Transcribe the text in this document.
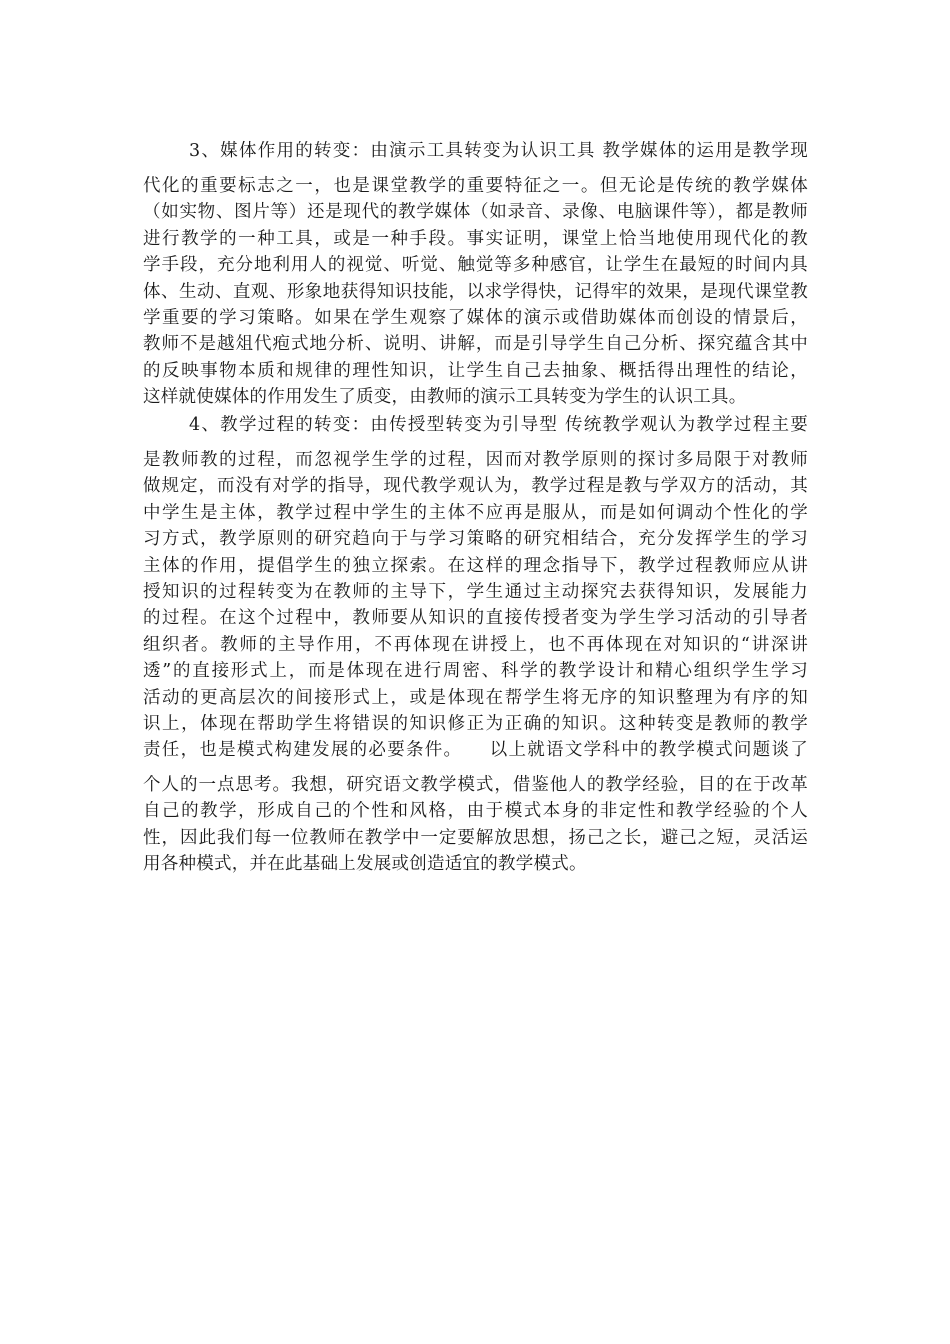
3、媒体作用的转变：由演示工具转变为认识工具 教学媒体的运用是教学现
代化的重要标志之一，也是课堂教学的重要特征之一。但无论是传统的教学媒体
（如实物、图片等）还是现代的教学媒体（如录音、录像、电脑课件等），都是教师
进行教学的一种工具，或是一种手段。事实证明，课堂上恰当地使用现代化的教
学手段，充分地利用人的视觉、听觉、触觉等多种感官，让学生在最短的时间内具
体、生动、直观、形象地获得知识技能，以求学得快，记得牢的效果，是现代课堂教
学重要的学习策略。如果在学生观察了媒体的演示或借助媒体而创设的情景后，
教师不是越俎代疱式地分析、说明、讲解，而是引导学生自己分析、探究蕴含其中
的反映事物本质和规律的理性知识，让学生自己去抽象、概括得出理性的结论，
这样就使媒体的作用发生了质变，由教师的演示工具转变为学生的认识工具。
4、教学过程的转变：由传授型转变为引导型 传统教学观认为教学过程主要
是教师教的过程，而忽视学生学的过程，因而对教学原则的探讨多局限于对教师
做规定，而没有对学的指导，现代教学观认为，教学过程是教与学双方的活动，其
中学生是主体，教学过程中学生的主体不应再是服从，而是如何调动个性化的学
习方式，教学原则的研究趋向于与学习策略的研究相结合，充分发挥学生的学习
主体的作用，提倡学生的独立探索。在这样的理念指导下，教学过程教师应从讲
授知识的过程转变为在教师的主导下，学生通过主动探究去获得知识，发展能力
的过程。在这个过程中，教师要从知识的直接传授者变为学生学习活动的引导者
组织者。教师的主导作用，不再体现在讲授上，也不再体现在对知识的“讲深讲
透”的直接形式上，而是体现在进行周密、科学的教学设计和精心组织学生学习
活动的更高层次的间接形式上，或是体现在帮学生将无序的知识整理为有序的知
识上，体现在帮助学生将错误的知识修正为正确的知识。这种转变是教师的教学
责任，也是模式构建发展的必要条件。    以上就语文学科中的教学模式问题谈了
个人的一点思考。我想，研究语文教学模式，借鉴他人的教学经验，目的在于改革
自己的教学，形成自己的个性和风格，由于模式本身的非定性和教学经验的个人
性，因此我们每一位教师在教学中一定要解放思想，扬己之长，避己之短，灵活运
用各种模式，并在此基础上发展或创造适宜的教学模式。
